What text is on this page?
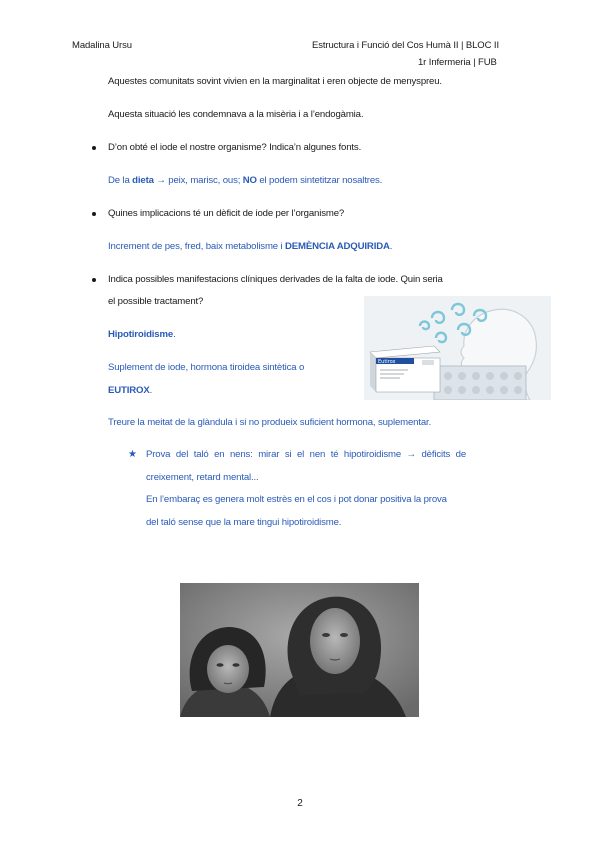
Madalina Ursu	Estructura i Funció del Cos Humà II | BLOC II
1r Infermeria | FUB
Aquestes comunitats sovint vivien en la marginalitat i eren objecte de menyspreu.
Aquesta situació les condemnava a la misèria i a l’endogàmia.
D’on obté el iode el nostre organisme? Indica’n algunes fonts.
De la dieta → peix, marisc, ous; NO el podem sintetitzar nosaltres.
Quines implicacions té un dèficit de iode per l’organisme?
Increment de pes, fred, baix metabolisme i DEMÈNCIA ADQUIRIDA.
Indica possibles manifestacions clíniques derivades de la falta de iode. Quin seria
el possible tractament?
Hipotiroidisme.
Suplement de iode, hormona tiroidea sintètica o
EUTIROX.
Treure la meitat de la glàndula i si no produeix suficient hormona, suplementar.
★ Prova del taló en nens: mirar si el nen té hipotiroidisme → dèficits de
creixement, retard mental...
En l’embaraç es genera molt estrès en el cos i pot donar positiva la prova
del taló sense que la mare tingui hipotiroidisme.
Eutirox
2
